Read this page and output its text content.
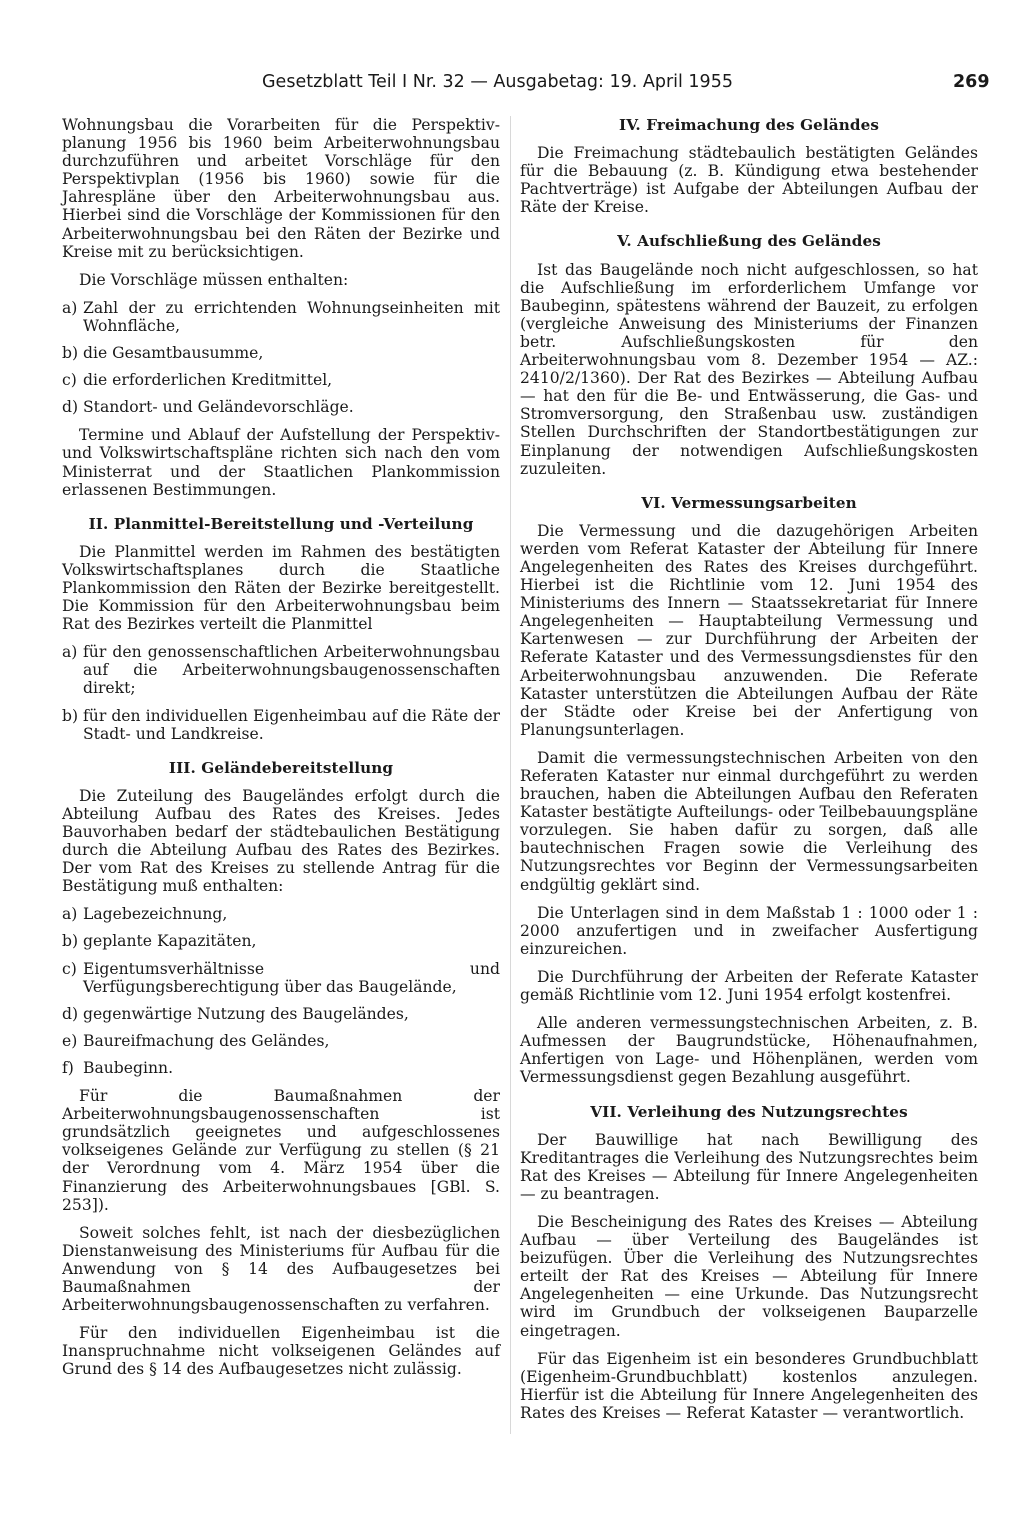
Gesetzblatt Teil I Nr. 32 — Ausgabetag: 19. April 1955	269

Wohnungsbau die Vorarbeiten für die Perspektiv-planung 1956 bis 1960 beim Arbeiterwohnungsbau durchzuführen und arbeitet Vorschläge für den Perspektivplan (1956 bis 1960) sowie für die Jahrespläne über den Arbeiterwohnungsbau aus. Hierbei sind die Vorschläge der Kommissionen für den Arbeiterwohnungsbau bei den Räten der Bezirke und Kreise mit zu berücksichtigen.

Die Vorschläge müssen enthalten:

a) Zahl der zu errichtenden Wohnungseinheiten mit Wohnfläche,
b) die Gesamtbausumme,
c) die erforderlichen Kreditmittel,
d) Standort- und Geländevorschläge.

Termine und Ablauf der Aufstellung der Perspektiv- und Volkswirtschaftspläne richten sich nach den vom Ministerrat und der Staatlichen Plankommission erlassenen Bestimmungen.

II. Planmittel-Bereitstellung und -Verteilung

Die Planmittel werden im Rahmen des bestätigten Volkswirtschaftsplanes durch die Staatliche Plankommission den Räten der Bezirke bereitgestellt. Die Kommission für den Arbeiterwohnungsbau beim Rat des Bezirkes verteilt die Planmittel

a) für den genossenschaftlichen Arbeiterwohnungsbau auf die Arbeiterwohnungsbaugenossenschaften direkt;
b) für den individuellen Eigenheimbau auf die Räte der Stadt- und Landkreise.
III. Geländebereitstellung

Die Zuteilung des Baugeländes erfolgt durch die Abteilung Aufbau des Rates des Kreises. Jedes Bauvorhaben bedarf der städtebaulichen Bestätigung durch die Abteilung Aufbau des Rates des Bezirkes. Der vom Rat des Kreises zu stellende Antrag für die Bestätigung muß enthalten:

a) Lagebezeichnung,
b) geplante Kapazitäten,
c) Eigentumsverhältnisse und Verfügungsberechtigung über das Baugelände,
d) gegenwärtige Nutzung des Baugeländes,
e) Baureifmachung des Geländes,
f) Baubeginn.

Für die Baumaßnahmen der Arbeiterwohnungsbaugenossenschaften ist grundsätzlich geeignetes und aufgeschlossenes volkseigenes Gelände zur Verfügung zu stellen (§ 21 der Verordnung vom 4. März 1954 über die Finanzierung des Arbeiterwohnungsbaues [GBl. S. 253]).

Soweit solches fehlt, ist nach der diesbezüglichen Dienstanweisung des Ministeriums für Aufbau für die Anwendung von § 14 des Aufbaugesetzes bei Baumaßnahmen der Arbeiterwohnungsbaugenossenschaften zu verfahren.

Für den individuellen Eigenheimbau ist die Inanspruchnahme nicht volkseigenen Geländes auf Grund des § 14 des Aufbaugesetzes nicht zulässig.

IV. Freimachung des Geländes

Die Freimachung städtebaulich bestätigten Geländes für die Bebauung (z. B. Kündigung etwa bestehender Pachtverträge) ist Aufgabe der Abteilungen Aufbau der Räte der Kreise.

V. Aufschließung des Geländes

Ist das Baugelände noch nicht aufgeschlossen, so hat die Aufschließung im erforderlichem Umfange vor Baubeginn, spätestens während der Bauzeit, zu erfolgen (vergleiche Anweisung des Ministeriums der Finanzen betr. Aufschließungskosten für den Arbeiterwohnungsbau vom 8. Dezember 1954 — AZ.: 2410/2/1360). Der Rat des Bezirkes — Abteilung Aufbau — hat den für die Be- und Entwässerung, die Gas- und Stromversorgung, den Straßenbau usw. zuständigen Stellen Durchschriften der Standortbestätigungen zur Einplanung der notwendigen Aufschließungskosten zuzuleiten.

VI. Vermessungsarbeiten

Die Vermessung und die dazugehörigen Arbeiten werden vom Referat Kataster der Abteilung für Innere Angelegenheiten des Rates des Kreises durchgeführt. Hierbei ist die Richtlinie vom 12. Juni 1954 des Ministeriums des Innern — Staatssekretariat für Innere Angelegenheiten — Hauptabteilung Vermessung und Kartenwesen — zur Durchführung der Arbeiten der Referate Kataster und des Vermessungsdienstes für den Arbeiterwohnungsbau anzuwenden. Die Referate Kataster unterstützen die Abteilungen Aufbau der Räte der Städte oder Kreise bei der Anfertigung von Planungsunterlagen.

Damit die vermessungstechnischen Arbeiten von den Referaten Kataster nur einmal durchgeführt zu werden brauchen, haben die Abteilungen Aufbau den Referaten Kataster bestätigte Aufteilungs- oder Teilbebauungspläne vorzulegen. Sie haben dafür zu sorgen, daß alle bautechnischen Fragen sowie die Verleihung des Nutzungsrechtes vor Beginn der Vermessungsarbeiten endgültig geklärt sind.

Die Unterlagen sind in dem Maßstab 1 : 1000 oder 1 : 2000 anzufertigen und in zweifacher Ausfertigung einzureichen.

Die Durchführung der Arbeiten der Referate Kataster gemäß Richtlinie vom 12. Juni 1954 erfolgt kostenfrei.

Alle anderen vermessungstechnischen Arbeiten, z. B. Aufmessen der Baugrundstücke, Höhenaufnahmen, Anfertigen von Lage- und Höhenplänen, werden vom Vermessungsdienst gegen Bezahlung ausgeführt.

VII. Verleihung des Nutzungsrechtes

Der Bauwillige hat nach Bewilligung des Kreditantrages die Verleihung des Nutzungsrechtes beim Rat des Kreises — Abteilung für Innere Angelegenheiten — zu beantragen.

Die Bescheinigung des Rates des Kreises — Abteilung Aufbau — über Verteilung des Baugeländes ist beizufügen. Über die Verleihung des Nutzungsrechtes erteilt der Rat des Kreises — Abteilung für Innere Angelegenheiten — eine Urkunde. Das Nutzungsrecht wird im Grundbuch der volkseigenen Bauparzelle eingetragen.

Für das Eigenheim ist ein besonderes Grundbuchblatt (Eigenheim-Grundbuchblatt) kostenlos anzulegen. Hierfür ist die Abteilung für Innere Angelegenheiten des Rates des Kreises — Referat Kataster — verantwortlich.
